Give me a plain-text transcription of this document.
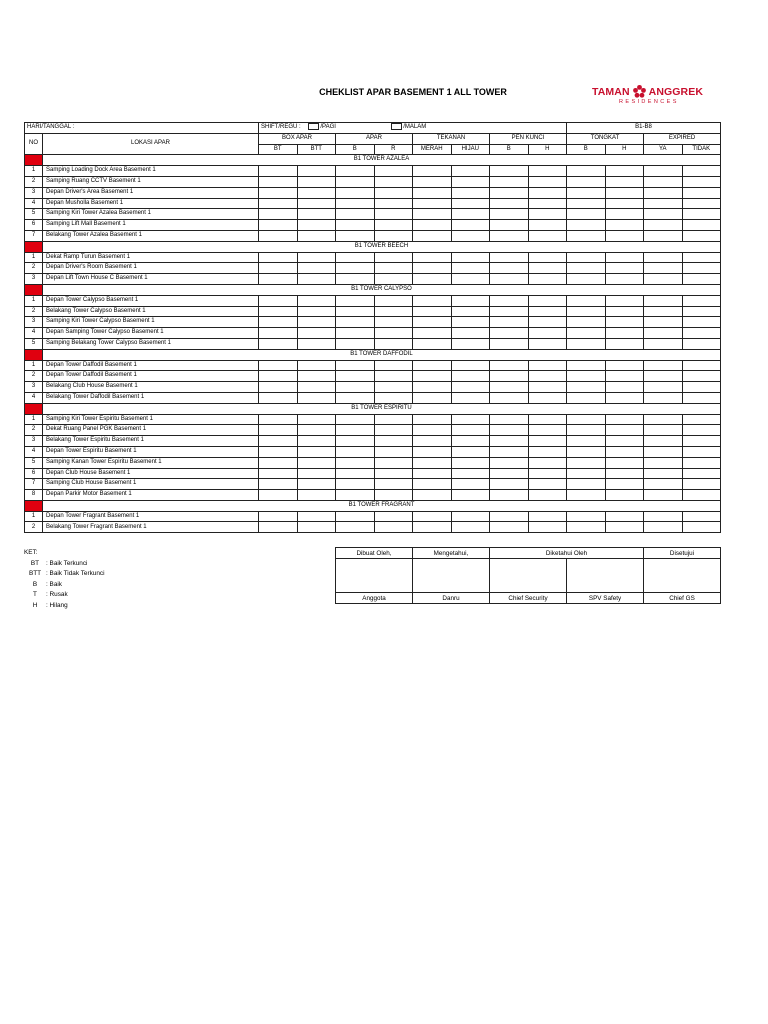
CHEKLIST APAR BASEMENT 1 ALL TOWER	TAMAN ANGGREK
RESIDENCES
HARI/TANGGAL :		SHIFT/REGU : /PAGI /MALAM								B1-B8			
NO	LOKASI APAR	BOX APAR		APAR		TEKANAN		PEN KUNCI		TONGKAT		EXPIRED	
		BT	BTT	B	R	MERAH	HIJAU	B	H	B	H	YA	TIDAK
	B1 TOWER AZALEA												
1	Samping Loading Dock Area Basement 1												
2	Samping Ruang CCTV Basement 1												
3	Depan Driver's Area Basement 1												
4	Depan Musholla Basement 1												
5	Samping Kiri Tower Azalea Basement 1												
6	Samping Lift Mall Basement 1												
7	Belakang Tower Azalea Basement 1												
	B1 TOWER BEECH												
1	Dekat Ramp Turun Basement 1												
2	Depan Driver's Room Basement 1												
3	Depan Lift Town House C Basement 1												
	B1 TOWER CALYPSO												
1	Depan Tower Calypso Basement 1												
2	Belakang Tower Calypso Basement 1												
3	Samping Kiri Tower Calypso Basement 1												
4	Depan Samping Tower Calypso Basement 1												
5	Samping Belakang Tower Calypso Basement 1												
	B1 TOWER DAFFODIL												
1	Depan Tower Daffodil Basement 1												
2	Depan Tower Daffodil Basement 1												
3	Belakang Club House Basement 1												
4	Belakang Tower Daffodil Basement 1												
	B1 TOWER ESPIRITU												
1	Samping Kiri Tower Espiritu Basement 1												
2	Dekat Ruang Panel PGK Basement 1												
3	Belakang Tower Espiritu Basement 1												
4	Depan Tower Espiritu Basement 1												
5	Samping Kanan Tower Espiritu Basement 1												
6	Depan Club House Basement 1												
7	Samping Club House Basement 1												
8	Depan Parkir Motor Basement 1												
	B1 TOWER FRAGRANT												
1	Depan Tower Fragrant Basement 1												
2	Belakang Tower Fragrant Basement 1												
KET:
BT	: Baik Terkunci
BTT : Baik Tidak Terkunci
B	: Baik
T	: Rusak
H	: Hilang
Dibuat Oleh,	Mengetahui,	Diketahui Oleh		Disetujui

Anggota	Danru	Chief Security	SPV Safety	Chief GS
